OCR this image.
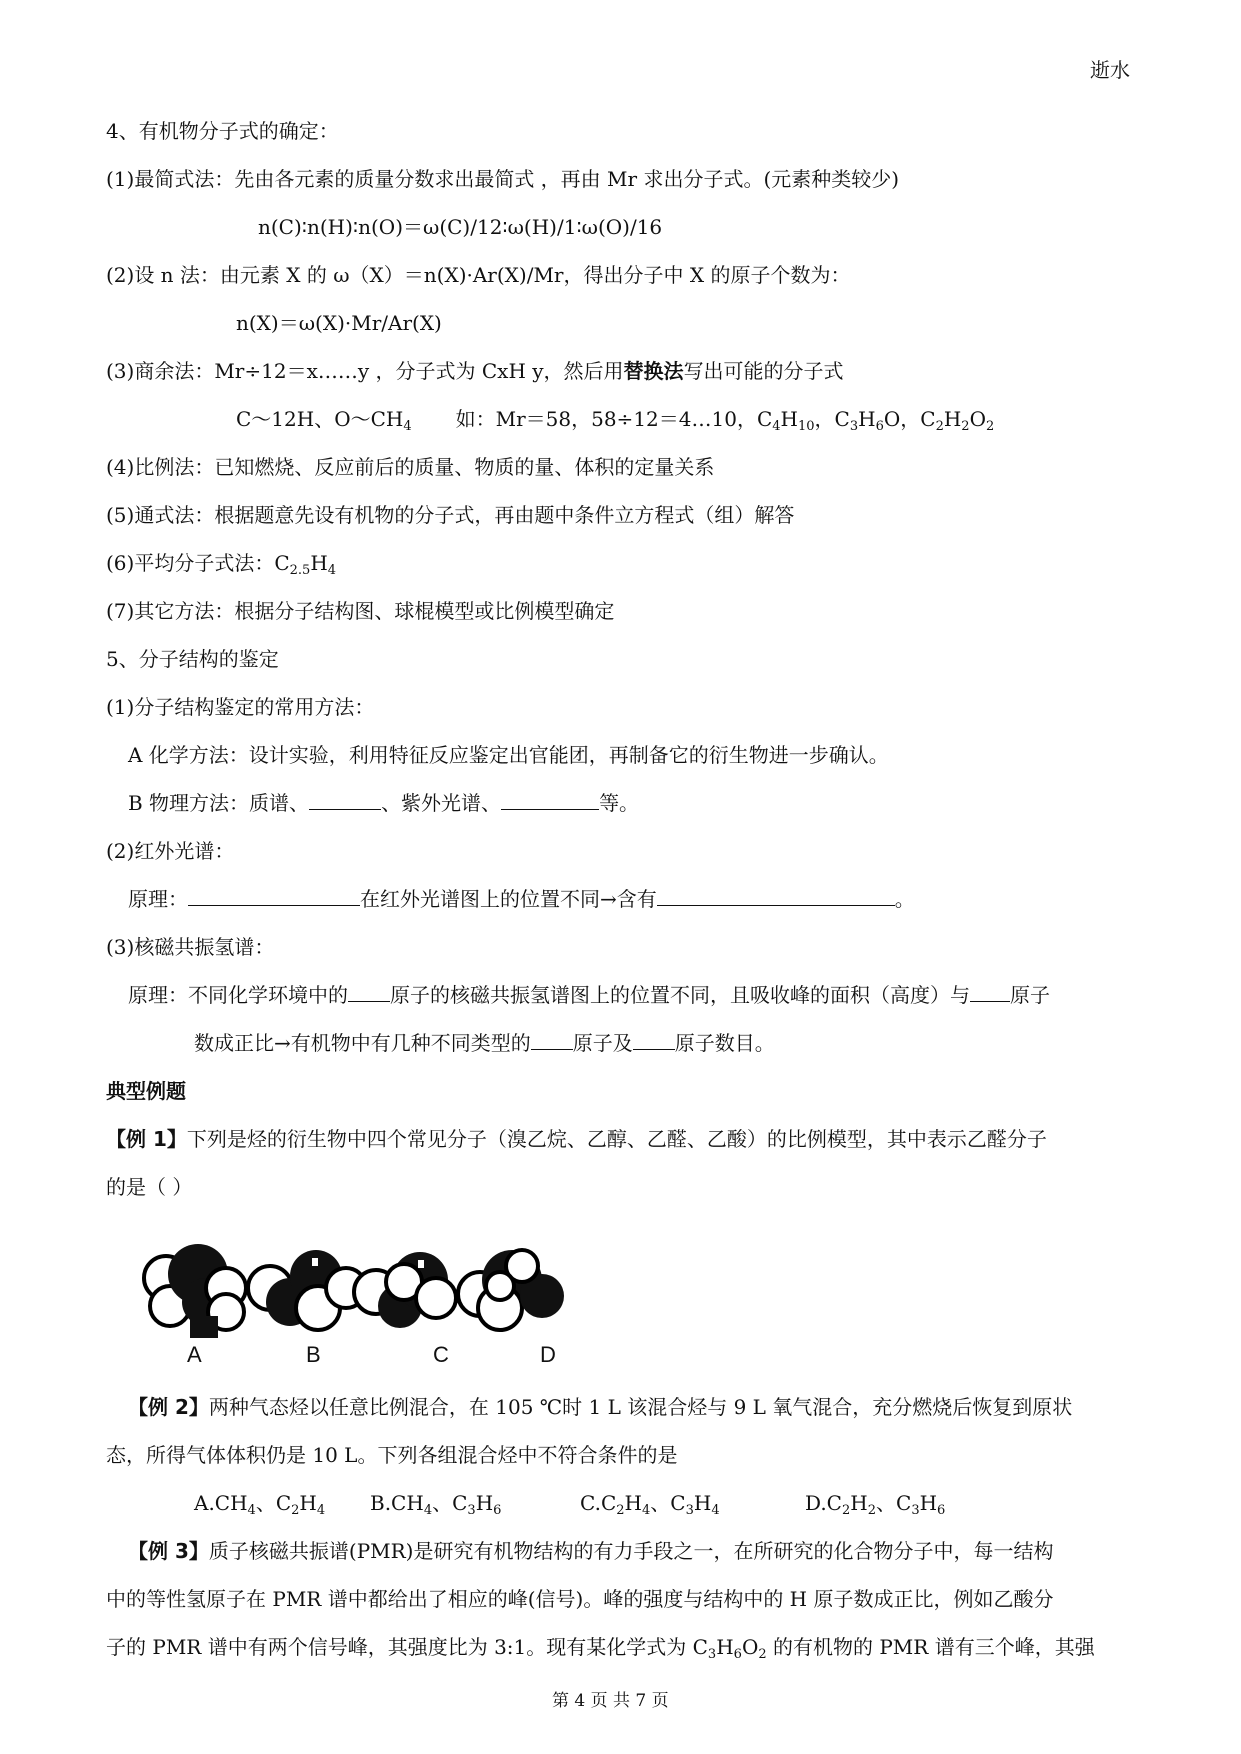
逝水
4、有机物分子式的确定：
(1)最简式法：先由各元素的质量分数求出最简式 ，再由 Mr 求出分子式。(元素种类较少)
n(C)∶n(H)∶n(O)＝ω(C)/12∶ω(H)/1∶ω(O)/16
(2)设 n 法：由元素 X 的 ω（X）＝n(X)·Ar(X)/Mr，得出分子中 X 的原子个数为：
n(X)＝ω(X)·Mr/Ar(X)
(3)商余法：Mr÷12＝x……y ，分子式为 CxH y，然后用替换法写出可能的分子式
C～12H、$O\sim CH_4$ 如：Mr＝58，58÷12＝4…10，$C_4H_{10}$，$C_3H_6O$，$C_2H_2O_2$
(4)比例法：已知燃烧、反应前后的质量、物质的量、体积的定量关系
(5)通式法：根据题意先设有机物的分子式，再由题中条件立方程式（组）解答
(6)平均分子式法：$C_{2.5}H_4$
(7)其它方法：根据分子结构图、球棍模型或比例模型确定
5、分子结构的鉴定
(1)分子结构鉴定的常用方法：
A 化学方法：设计实验，利用特征反应鉴定出官能团，再制备它的衍生物进一步确认。
B 物理方法：质谱、	、紫外光谱、	等。
(2)红外光谱：
原理：	在红外光谱图上的位置不同→含有	。
(3)核磁共振氢谱：
原理：不同化学环境中的 原子的核磁共振氢谱图上的位置不同，且吸收峰的面积（高度）与 原子
数成正比→有机物中有几种不同类型的 原子及 原子数目。
典型例题
【例 1】下列是烃的衍生物中四个常见分子（溴乙烷、乙醇、乙醛、乙酸）的比例模型，其中表示乙醛分子
的是（ ）
A	B	C	D
【例 2】两种气态烃以任意比例混合，在 105 ℃时 1 L 该混合烃与 9 L 氧气混合，充分燃烧后恢复到原状
态，所得气体体积仍是 10 L。下列各组混合烃中不符合条件的是
$A.CH_4$、$C_2H_4$ $B.CH_4$、$C_3H_6$	$C.C_2H_4$、$C_3H_4$	$D.C_2H_2$、$C_3H_6$
【例 3】质子核磁共振谱(PMR)是研究有机物结构的有力手段之一，在所研究的化合物分子中，每一结构
中的等性氢原子在 PMR 谱中都给出了相应的峰(信号)。峰的强度与结构中的 H 原子数成正比，例如乙酸分
子的 PMR 谱中有两个信号峰，其强度比为 3:1。现有某化学式为 $C_3H_6O_2$ 的有机物的 PMR 谱有三个峰，其强
第 4 页 共 7 页
